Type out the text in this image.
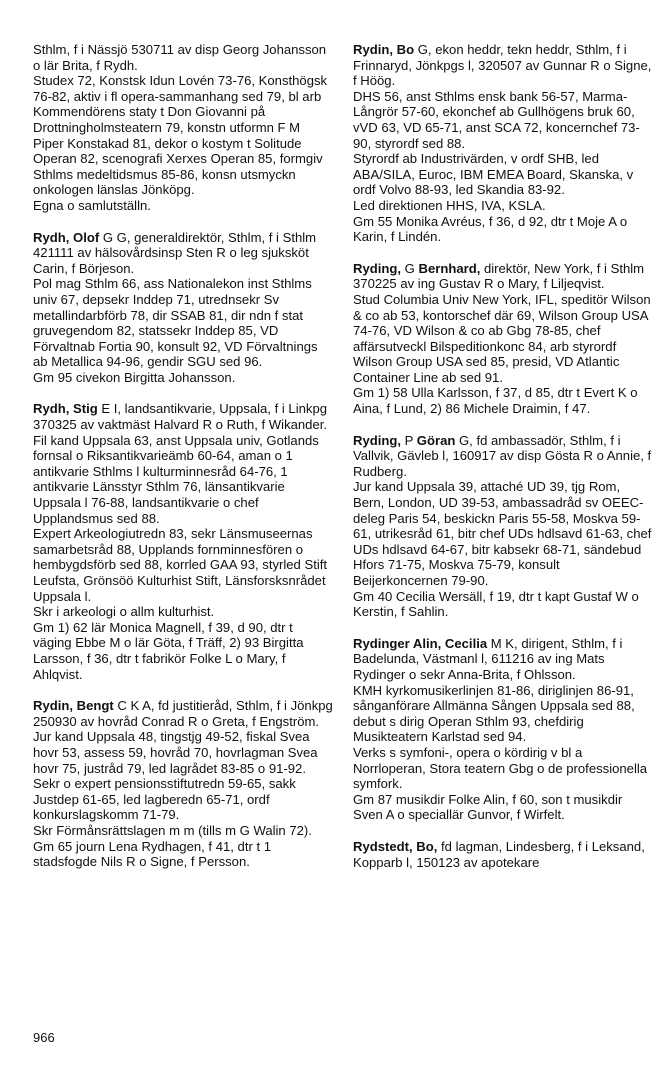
Sthlm, f i Nässjö 530711 av disp Georg Johansson o lär Brita, f Rydh.

Studex 72, Konstsk Idun Lovén 73-76, Konsthögsk 76-82, aktiv i fl opera-sammanhang sed 79, bl arb Kommendörens staty t Don Giovanni på Drottningholmsteatern 79, konstn utformn F M Piper Konstakad 81, dekor o kostym t Solitude Operan 82, scenografi Xerxes Operan 85, formgiv Sthlms medeltidsmus 85-86, konsn utsmyckn onkologen länslas Jönköpg.

Egna o samlutställn.

Rydh, Olof G G, generaldirektör, Sthlm, f i Sthlm 421111 av hälsovårdsinsp Sten R o leg sjuksköt Carin, f Börjeson.

Pol mag Sthlm 66, ass Nationalekon inst Sthlms univ 67, depsekr Inddep 71, utrednsekr Sv metallindarbförb 78, dir SSAB 81, dir ndn f stat gruvegendom 82, statssekr Inddep 85, VD Förvaltnab Fortia 90, konsult 92, VD Förvaltnings ab Metallica 94-96, gendir SGU sed 96.

Gm 95 civekon Birgitta Johansson.

Rydh, Stig E I, landsantikvarie, Uppsala, f i Linkpg 370325 av vaktmäst Halvard R o Ruth, f Wikander.

Fil kand Uppsala 63, anst Uppsala univ, Gotlands fornsal o Riksantikvarieämb 60-64, aman o 1 antikvarie Sthlms l kulturminnesråd 64-76, 1 antikvarie Länsstyr Sthlm 76, länsantikvarie Uppsala l 76-88, landsantikvarie o chef Upplandsmus sed 88.

Expert Arkeologiutredn 83, sekr Länsmuseernas samarbetsråd 88, Upplands fornminnesfören o hembygdsförb sed 88, korrled GAA 93, styrled Stift Leufsta, Grönsöö Kulturhist Stift, Länsforsksnrådet Uppsala l.

Skr i arkeologi o allm kulturhist.

Gm 1) 62 lär Monica Magnell, f 39, d 90, dtr t väging Ebbe M o lär Göta, f Träff, 2) 93 Birgitta Larsson, f 36, dtr t fabrikör Folke L o Mary, f Ahlqvist.

Rydin, Bengt C K A, fd justitieråd, Sthlm, f i Jönkpg 250930 av hovråd Conrad R o Greta, f Engström.

Jur kand Uppsala 48, tingstjg 49-52, fiskal Svea hovr 53, assess 59, hovråd 70, hovrlagman Svea hovr 75, justråd 79, led lagrådet 83-85 o 91-92.

Sekr o expert pensionsstiftutredn 59-65, sakk Justdep 61-65, led lagberedn 65-71, ordf konkurslagskomm 71-79.

Skr Förmånsrättslagen m m (tills m G Walin 72).

Gm 65 journ Lena Rydhagen, f 41, dtr t 1 stadsfogde Nils R o Signe, f Persson.

Rydin, Bo G, ekon heddr, tekn heddr, Sthlm, f i Frinnaryd, Jönkpgs l, 320507 av Gunnar R o Signe, f Höög.

DHS 56, anst Sthlms ensk bank 56-57, Marma-Långrör 57-60, ekonchef ab Gullhögens bruk 60, vVD 63, VD 65-71, anst SCA 72, koncernchef 73-90, styrordf sed 88.

Styrordf ab Industrivärden, v ordf SHB, led ABA/SILA, Euroc, IBM EMEA Board, Skanska, v ordf Volvo 88-93, led Skandia 83-92.

Led direktionen HHS, IVA, KSLA.

Gm 55 Monika Avréus, f 36, d 92, dtr t Moje A o Karin, f Lindén.

Ryding, G Bernhard, direktör, New York, f i Sthlm 370225 av ing Gustav R o Mary, f Liljeqvist.

Stud Columbia Univ New York, IFL, speditör Wilson & co ab 53, kontorschef där 69, Wilson Group USA 74-76, VD Wilson & co ab Gbg 78-85, chef affärsutveckl Bilspeditionkonc 84, arb styrordf Wilson Group USA sed 85, presid, VD Atlantic Container Line ab sed 91.

Gm 1) 58 Ulla Karlsson, f 37, d 85, dtr t Evert K o Aina, f Lund, 2) 86 Michele Draimin, f 47.

Ryding, P Göran G, fd ambassadör, Sthlm, f i Vallvik, Gävleb l, 160917 av disp Gösta R o Annie, f Rudberg.

Jur kand Uppsala 39, attaché UD 39, tjg Rom, Bern, London, UD 39-53, ambassadråd sv OEEC-deleg Paris 54, beskickn Paris 55-58, Moskva 59-61, utrikesråd 61, bitr chef UDs hdlsavd 61-63, chef UDs hdlsavd 64-67, bitr kabsekr 68-71, sändebud Hfors 71-75, Moskva 75-79, konsult Beijerkoncernen 79-90.

Gm 40 Cecilia Wersäll, f 19, dtr t kapt Gustaf W o Kerstin, f Sahlin.

Rydinger Alin, Cecilia M K, dirigent, Sthlm, f i Badelunda, Västmanl l, 611216 av ing Mats Rydinger o sekr Anna-Brita, f Ohlsson.

KMH kyrkomusikerlinjen 81-86, diriglinjen 86-91, sånganförare Allmänna Sången Uppsala sed 88, debut s dirig Operan Sthlm 93, chefdirig Musikteatern Karlstad sed 94.

Verks s symfoni-, opera o kördirig v bl a Norrloperan, Stora teatern Gbg o de professionella symfork.

Gm 87 musikdir Folke Alin, f 60, son t musikdir Sven A o speciallär Gunvor, f Wirfelt.

Rydstedt, Bo, fd lagman, Lindesberg, f i Leksand, Kopparb l, 150123 av apotekare

966
